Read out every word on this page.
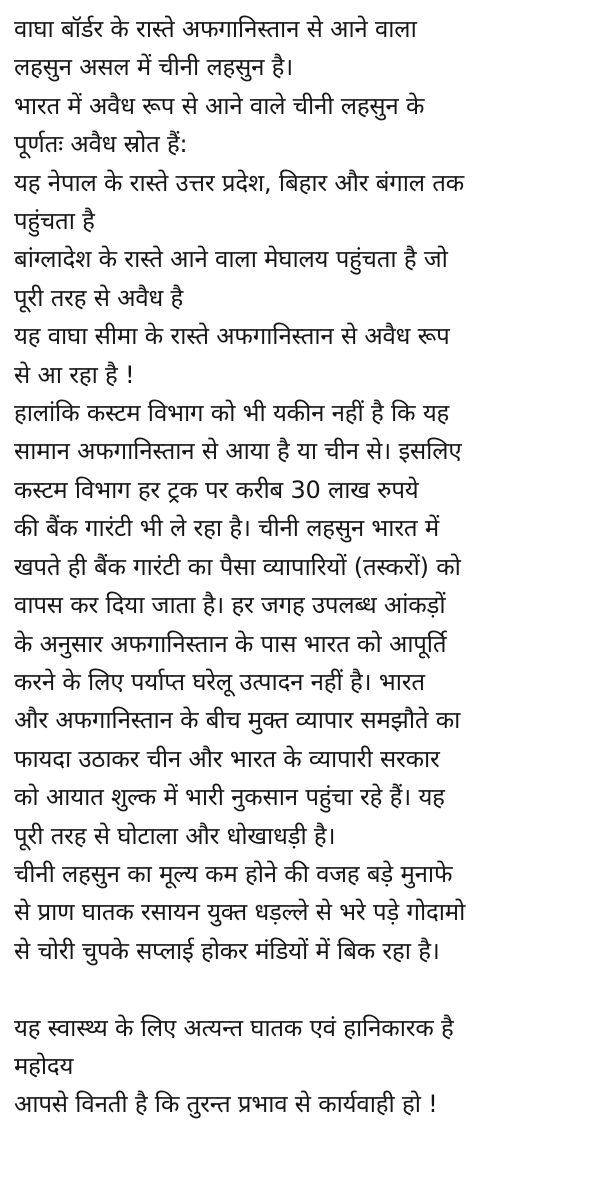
वाघा बॉर्डर के रास्ते अफगानिस्तान से आने वाला
लहसुन असल में चीनी लहसुन है।
भारत में अवैध रूप से आने वाले चीनी लहसुन के
पूर्णतः अवैध स्रोत हैं:
यह नेपाल के रास्ते उत्तर प्रदेश, बिहार और बंगाल तक
पहुंचता है
बांग्लादेश के रास्ते आने वाला मेघालय पहुंचता है जो
पूरी तरह से अवैध है
यह वाघा सीमा के रास्ते अफगानिस्तान से अवैध रूप
से आ रहा है !
हालांकि कस्टम विभाग को भी यकीन नहीं है कि यह
सामान अफगानिस्तान से आया है या चीन से। इसलिए
कस्टम विभाग हर ट्रक पर करीब 30 लाख रुपये
की बैंक गारंटी भी ले रहा है। चीनी लहसुन भारत में
खपते ही बैंक गारंटी का पैसा व्यापारियों (तस्करों) को
वापस कर दिया जाता है। हर जगह उपलब्ध आंकड़ों
के अनुसार अफगानिस्तान के पास भारत को आपूर्ति
करने के लिए पर्याप्त घरेलू उत्पादन नहीं है। भारत
और अफगानिस्तान के बीच मुक्त व्यापार समझौते का
फायदा उठाकर चीन और भारत के व्यापारी सरकार
को आयात शुल्क में भारी नुकसान पहुंचा रहे हैं। यह
पूरी तरह से घोटाला और धोखाधड़ी है।
चीनी लहसुन का मूल्य कम होने की वजह बड़े मुनाफे
से प्राण घातक रसायन युक्त धड़ल्ले से भरे पड़े गोदामो
से चोरी चुपके सप्लाई होकर मंडियों में बिक रहा है।
यह स्वास्थ्य के लिए अत्यन्त घातक एवं हानिकारक है
महोदय
आपसे विनती है कि तुरन्त प्रभाव से कार्यवाही हो !
